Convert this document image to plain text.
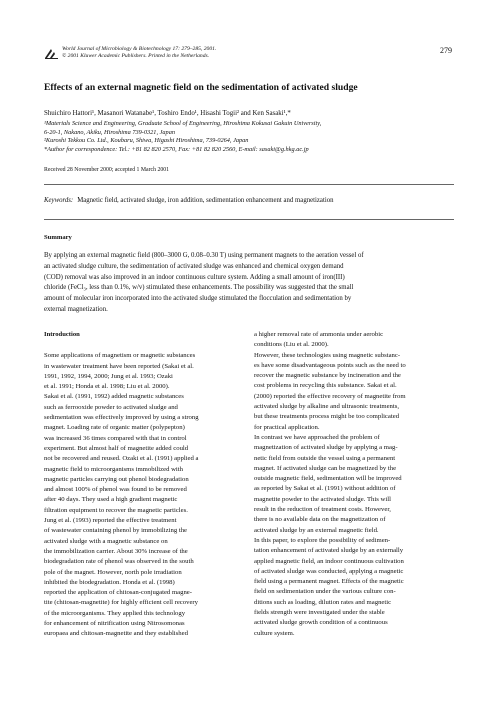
World Journal of Microbiology & Biotechnology 17: 279–285, 2001.
© 2001 Kluwer Academic Publishers. Printed in the Netherlands.
279
Effects of an external magnetic field on the sedimentation of activated sludge
Shuichiro Hattori¹, Masanori Watanabe¹, Toshiro Endo¹, Hisashi Togii² and Ken Sasaki¹,*
¹Materials Science and Engineering, Graduate School of Engineering, Hiroshima Kokusai Gakuin University,
6-20-1, Nakano, Akiku, Hiroshima 739-0321, Japan
²Kuroshi Tekkou Co. Ltd., Koubaru, Shiwa, Higashi Hiroshima, 739-0264, Japan
*Author for correspondence: Tel.: +81 82 820 2570, Fax: +81 82 820 2560, E-mail: sasaki@g.hkg.ac.jp
Received 28 November 2000; accepted 1 March 2001
Keywords: Magnetic field, activated sludge, iron addition, sedimentation enhancement and magnetization
Summary
By applying an external magnetic field (800–3000 G, 0.08–0.30 T) using permanent magnets to the aeration vessel of
an activated sludge culture, the sedimentation of activated sludge was enhanced and chemical oxygen demand
(COD) removal was also improved in an indoor continuous culture system. Adding a small amount of iron(III)
chloride (FeCl₃, less than 0.1%, w/v) stimulated these enhancements. The possibility was suggested that the small
amount of molecular iron incorporated into the activated sludge stimulated the flocculation and sedimentation by
external magnetization.
Introduction
Some applications of magnetism or magnetic substances
in wastewater treatment have been reported (Sakai et al.
1991, 1992, 1994, 2000; Jung et al. 1993; Ozaki
et al. 1991; Honda et al. 1998; Liu et al. 2000).
Sakai et al. (1991, 1992) added magnetic substances
such as ferrooxide powder to activated sludge and
sedimentation was effectively improved by using a strong
magnet. Loading rate of organic matter (polypepton)
was increased 36 times compared with that in control
experiment. But almost half of magnetite added could
not be recovered and reused. Ozaki et al. (1991) applied a
magnetic field to microorganisms immobilized with
magnetic particles carrying out phenol biodegradation
and almost 100% of phenol was found to be removed
after 40 days. They used a high gradient magnetic
filtration equipment to recover the magnetic particles.
Jung et al. (1993) reported the effective treatment
of wastewater containing phenol by immobilizing the
activated sludge with a magnetic substance on
the immobilization carrier. About 30% increase of the
biodegradation rate of phenol was observed in the south
pole of the magnet. However, north pole irradiation
inhibited the biodegradation. Honda et al. (1998)
reported the application of chitosan-conjugated magne-
tite (chitosan-magnetite) for highly efficient cell recovery
of the microorganisms. They applied this technology
for enhancement of nitrification using Nitrosomonas
europaea and chitosan-magnetite and they established
a higher removal rate of ammonia under aerobic
conditions (Liu et al. 2000).
However, these technologies using magnetic substanc-
es have some disadvantageous points such as the need to
recover the magnetic substance by incineration and the
cost problems in recycling this substance. Sakai et al.
(2000) reported the effective recovery of magnetite from
activated sludge by alkaline and ultrasonic treatments,
but these treatments process might be too complicated
for practical application.
In contrast we have approached the problem of
magnetization of activated sludge by applying a mag-
netic field from outside the vessel using a permanent
magnet. If activated sludge can be magnetized by the
outside magnetic field, sedimentation will be improved
as reported by Sakai et al. (1991) without addition of
magnetite powder to the activated sludge. This will
result in the reduction of treatment costs. However,
there is no available data on the magnetization of
activated sludge by an external magnetic field.
In this paper, to explore the possibility of sedimen-
tation enhancement of activated sludge by an externally
applied magnetic field, an indoor continuous cultivation
of activated sludge was conducted, applying a magnetic
field using a permanent magnet. Effects of the magnetic
field on sedimentation under the various culture con-
ditions such as loading, dilution rates and magnetic
fields strength were investigated under the stable
activated sludge growth condition of a continuous
culture system.
